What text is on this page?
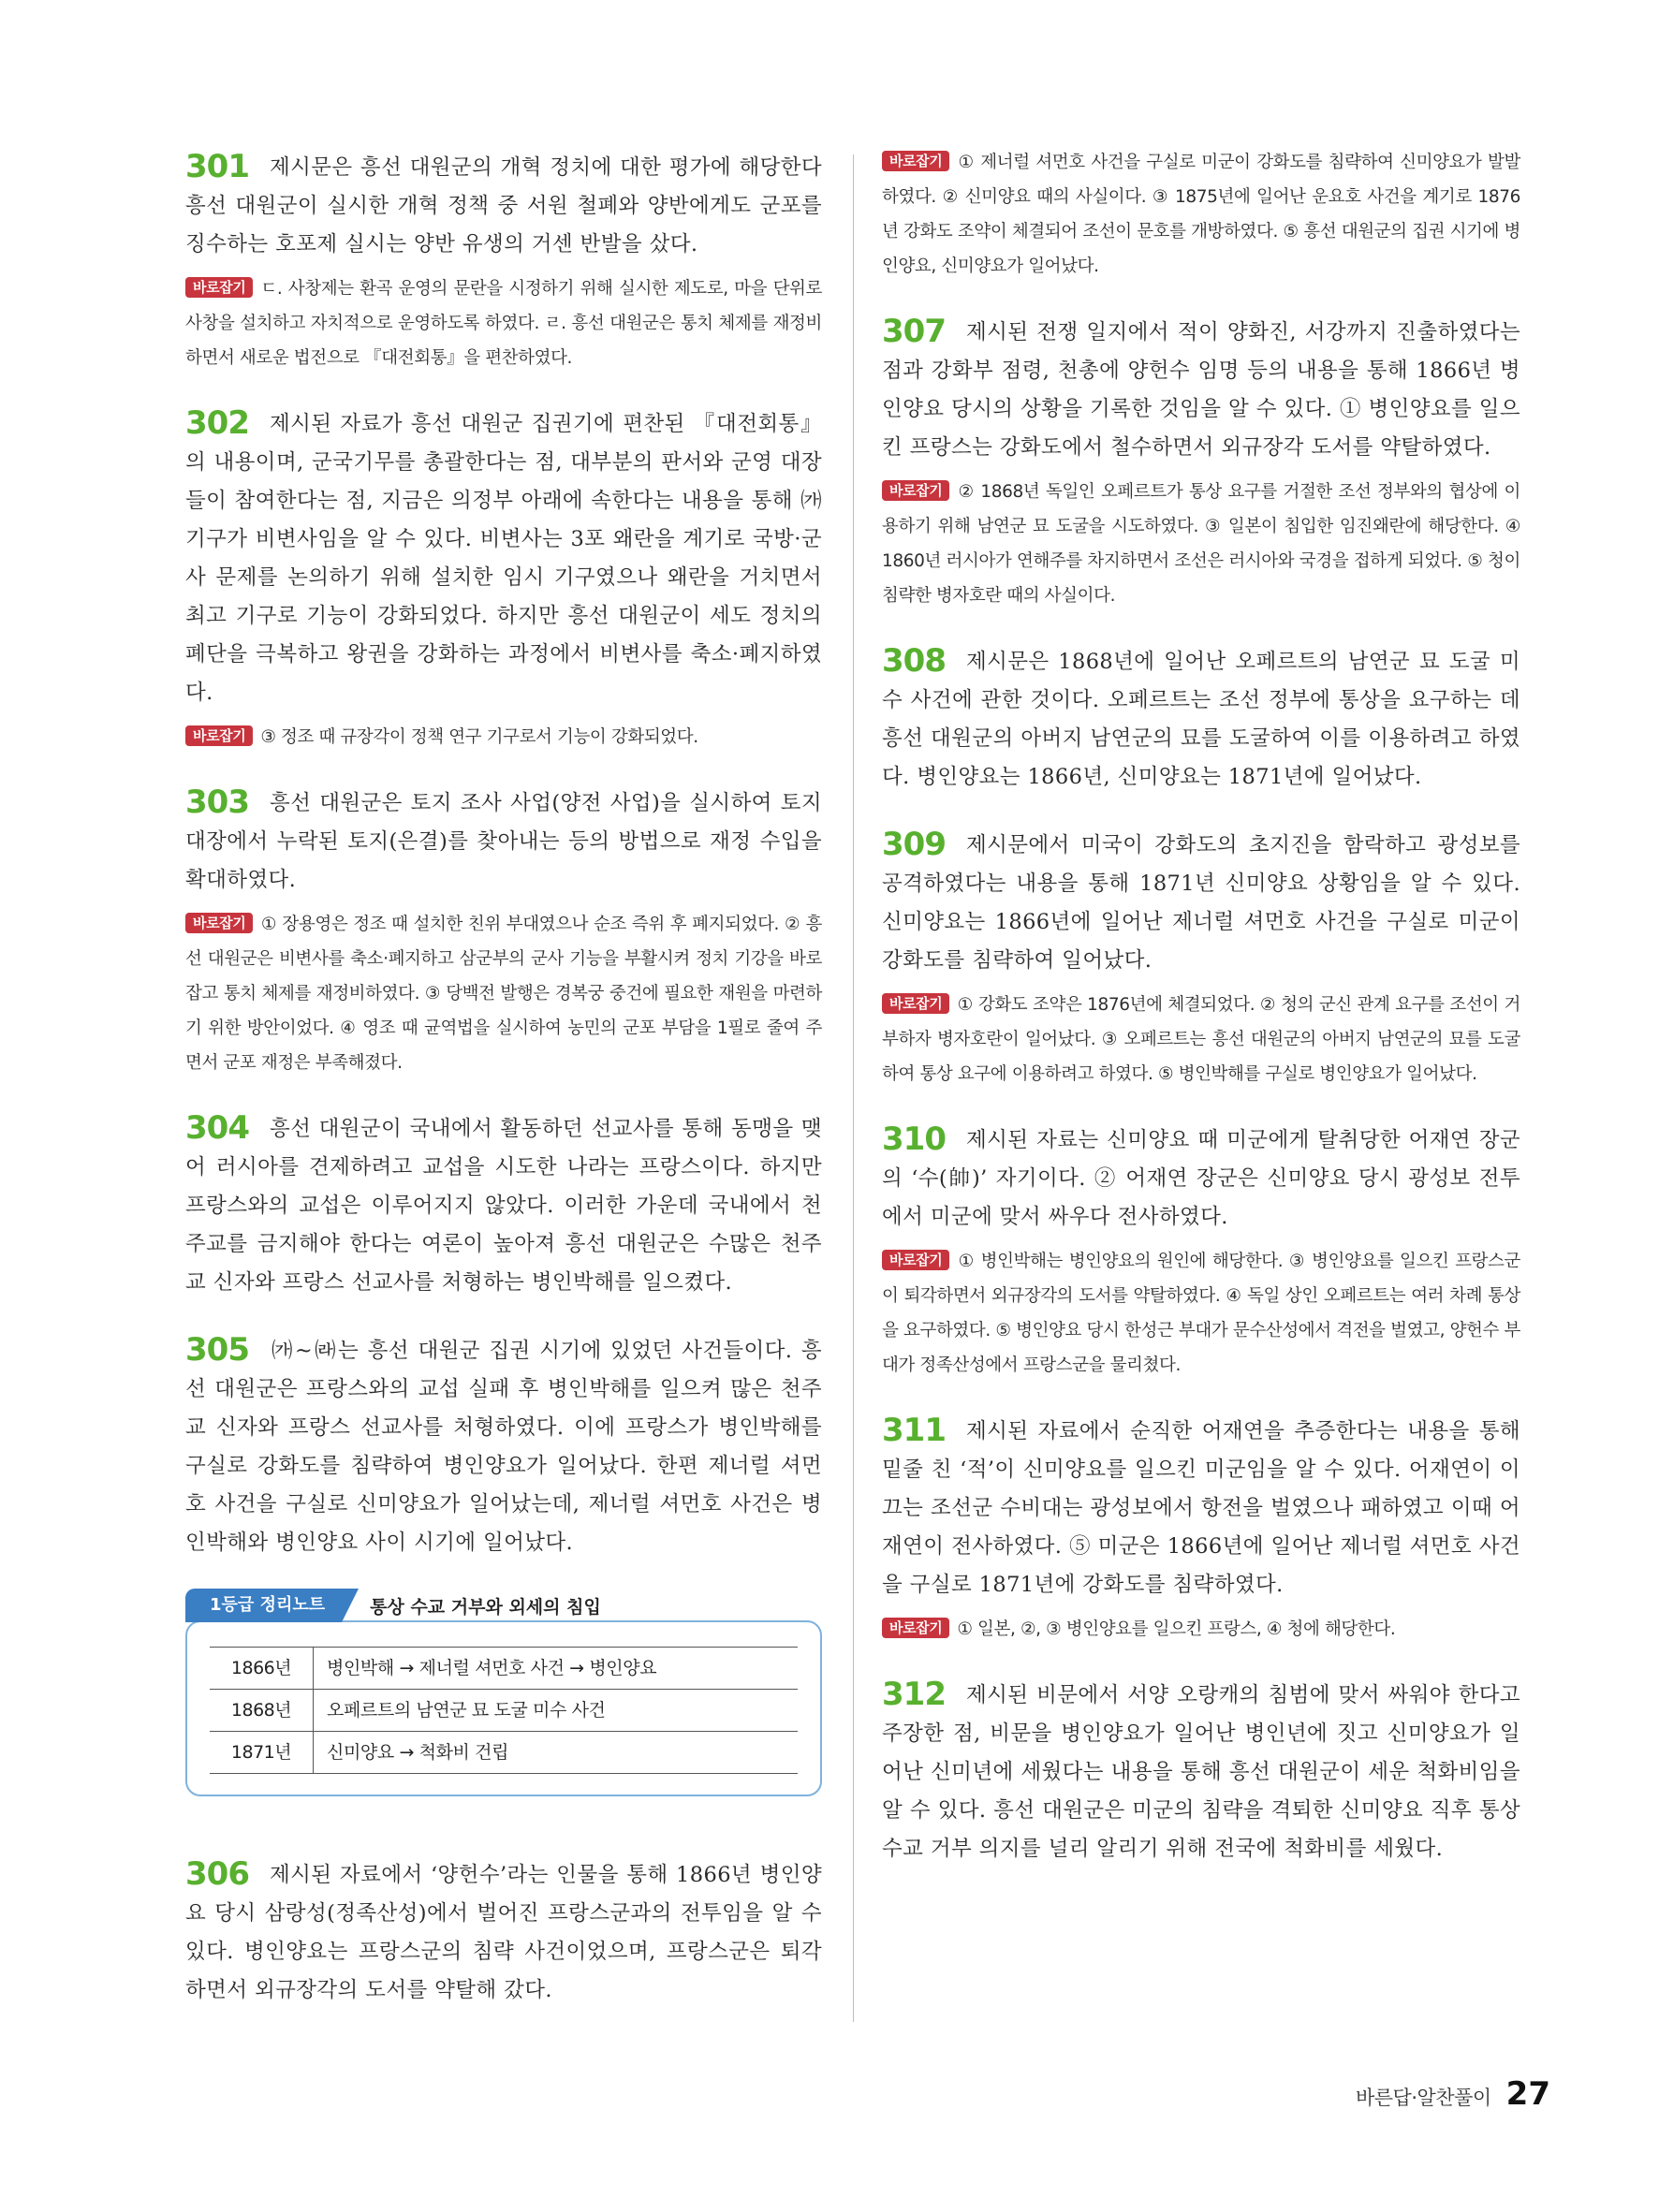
301 제시문은 흥선 대원군의 개혁 정치에 대한 평가에 해당한다 흥선 대원군이 실시한 개혁 정책 중 서원 철폐와 양반에게도 군포를 징수하는 호포제 실시는 양반 유생의 거센 반발을 샀다.

바로잡기 ㄷ. 사창제는 환곡 운영의 문란을 시정하기 위해 실시한 제도로, 마을 단위로 사창을 설치하고 자치적으로 운영하도록 하였다. ㄹ. 흥선 대원군은 통치 체제를 재정비하면서 새로운 법전으로 『대전회통』을 편찬하였다.

302 제시된 자료가 흥선 대원군 집권기에 편찬된 『대전회통』의 내용이며, 군국기무를 총괄한다는 점, 대부분의 판서와 군영 대장들이 참여한다는 점, 지금은 의정부 아래에 속한다는 내용을 통해 ㈎ 기구가 비변사임을 알 수 있다. 비변사는 3포 왜란을 계기로 국방·군사 문제를 논의하기 위해 설치한 임시 기구였으나 왜란을 거치면서 최고 기구로 기능이 강화되었다. 하지만 흥선 대원군이 세도 정치의 폐단을 극복하고 왕권을 강화하는 과정에서 비변사를 축소·폐지하였다.

바로잡기 ③ 정조 때 규장각이 정책 연구 기구로서 기능이 강화되었다.

303 흥선 대원군은 토지 조사 사업(양전 사업)을 실시하여 토지 대장에서 누락된 토지(은결)를 찾아내는 등의 방법으로 재정 수입을 확대하였다.

바로잡기 ① 장용영은 정조 때 설치한 친위 부대였으나 순조 즉위 후 폐지되었다. ② 흥선 대원군은 비변사를 축소·폐지하고 삼군부의 군사 기능을 부활시켜 정치 기강을 바로잡고 통치 체제를 재정비하였다. ③ 당백전 발행은 경복궁 중건에 필요한 재원을 마련하기 위한 방안이었다. ④ 영조 때 균역법을 실시하여 농민의 군포 부담을 1필로 줄여 주면서 군포 재정은 부족해졌다.

304 흥선 대원군이 국내에서 활동하던 선교사를 통해 동맹을 맺어 러시아를 견제하려고 교섭을 시도한 나라는 프랑스이다. 하지만 프랑스와의 교섭은 이루어지지 않았다. 이러한 가운데 국내에서 천주교를 금지해야 한다는 여론이 높아져 흥선 대원군은 수많은 천주교 신자와 프랑스 선교사를 처형하는 병인박해를 일으켰다.

305 ㈎~㈑는 흥선 대원군 집권 시기에 있었던 사건들이다. 흥선 대원군은 프랑스와의 교섭 실패 후 병인박해를 일으켜 많은 천주교 신자와 프랑스 선교사를 처형하였다. 이에 프랑스가 병인박해를 구실로 강화도를 침략하여 병인양요가 일어났다. 한편 제너럴 셔먼호 사건을 구실로 신미양요가 일어났는데, 제너럴 셔먼호 사건은 병인박해와 병인양요 사이 시기에 일어났다.

1등급 정리노트	통상 수교 거부와 외세의 침입
1866년	병인박해 → 제너럴 셔먼호 사건 → 병인양요
1868년	오페르트의 남연군 묘 도굴 미수 사건
1871년	신미양요 → 척화비 건립

306 제시된 자료에서 ‘양헌수’라는 인물을 통해 1866년 병인양요 당시 삼랑성(정족산성)에서 벌어진 프랑스군과의 전투임을 알 수 있다. 병인양요는 프랑스군의 침략 사건이었으며, 프랑스군은 퇴각하면서 외규장각의 도서를 약탈해 갔다.

바로잡기 ① 제너럴 셔먼호 사건을 구실로 미군이 강화도를 침략하여 신미양요가 발발하였다. ② 신미양요 때의 사실이다. ③ 1875년에 일어난 운요호 사건을 계기로 1876년 강화도 조약이 체결되어 조선이 문호를 개방하였다. ⑤ 흥선 대원군의 집권 시기에 병인양요, 신미양요가 일어났다.

307 제시된 전쟁 일지에서 적이 양화진, 서강까지 진출하였다는 점과 강화부 점령, 천총에 양헌수 임명 등의 내용을 통해 1866년 병인양요 당시의 상황을 기록한 것임을 알 수 있다. ① 병인양요를 일으킨 프랑스는 강화도에서 철수하면서 외규장각 도서를 약탈하였다.

바로잡기 ② 1868년 독일인 오페르트가 통상 요구를 거절한 조선 정부와의 협상에 이용하기 위해 남연군 묘 도굴을 시도하였다. ③ 일본이 침입한 임진왜란에 해당한다. ④ 1860년 러시아가 연해주를 차지하면서 조선은 러시아와 국경을 접하게 되었다. ⑤ 청이 침략한 병자호란 때의 사실이다.

308 제시문은 1868년에 일어난 오페르트의 남연군 묘 도굴 미수 사건에 관한 것이다. 오페르트는 조선 정부에 통상을 요구하는 데 흥선 대원군의 아버지 남연군의 묘를 도굴하여 이를 이용하려고 하였다. 병인양요는 1866년, 신미양요는 1871년에 일어났다.

309 제시문에서 미국이 강화도의 초지진을 함락하고 광성보를 공격하였다는 내용을 통해 1871년 신미양요 상황임을 알 수 있다. 신미양요는 1866년에 일어난 제너럴 셔먼호 사건을 구실로 미군이 강화도를 침략하여 일어났다.

바로잡기 ① 강화도 조약은 1876년에 체결되었다. ② 청의 군신 관계 요구를 조선이 거부하자 병자호란이 일어났다. ③ 오페르트는 흥선 대원군의 아버지 남연군의 묘를 도굴하여 통상 요구에 이용하려고 하였다. ⑤ 병인박해를 구실로 병인양요가 일어났다.

310 제시된 자료는 신미양요 때 미군에게 탈취당한 어재연 장군의 ‘수(帥)’ 자기이다. ② 어재연 장군은 신미양요 당시 광성보 전투에서 미군에 맞서 싸우다 전사하였다.

바로잡기 ① 병인박해는 병인양요의 원인에 해당한다. ③ 병인양요를 일으킨 프랑스군이 퇴각하면서 외규장각의 도서를 약탈하였다. ④ 독일 상인 오페르트는 여러 차례 통상을 요구하였다. ⑤ 병인양요 당시 한성근 부대가 문수산성에서 격전을 벌였고, 양헌수 부대가 정족산성에서 프랑스군을 물리쳤다.

311 제시된 자료에서 순직한 어재연을 추증한다는 내용을 통해 밑줄 친 ‘적’이 신미양요를 일으킨 미군임을 알 수 있다. 어재연이 이끄는 조선군 수비대는 광성보에서 항전을 벌였으나 패하였고 이때 어재연이 전사하였다. ⑤ 미군은 1866년에 일어난 제너럴 셔먼호 사건을 구실로 1871년에 강화도를 침략하였다.

바로잡기 ① 일본, ②, ③ 병인양요를 일으킨 프랑스, ④ 청에 해당한다.

312 제시된 비문에서 서양 오랑캐의 침범에 맞서 싸워야 한다고 주장한 점, 비문을 병인양요가 일어난 병인년에 짓고 신미양요가 일어난 신미년에 세웠다는 내용을 통해 흥선 대원군이 세운 척화비임을 알 수 있다. 흥선 대원군은 미군의 침략을 격퇴한 신미양요 직후 통상 수교 거부 의지를 널리 알리기 위해 전국에 척화비를 세웠다.

바른답·알찬풀이 27
